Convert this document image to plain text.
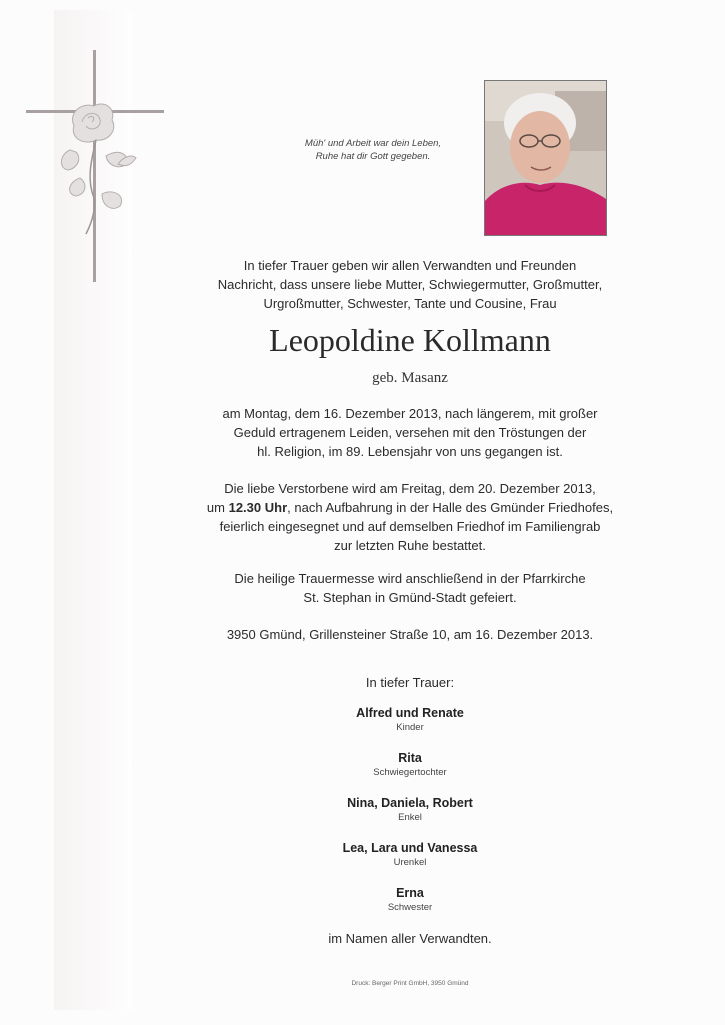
Müh' und Arbeit war dein Leben,
Ruhe hat dir Gott gegeben.
In tiefer Trauer geben wir allen Verwandten und Freunden
Nachricht, dass unsere liebe Mutter, Schwiegermutter, Großmutter,
Urgroßmutter, Schwester, Tante und Cousine, Frau
Leopoldine Kollmann
geb. Masanz
am Montag, dem 16. Dezember 2013, nach längerem, mit großer
Geduld ertragenem Leiden, versehen mit den Tröstungen der
hl. Religion, im 89. Lebensjahr von uns gegangen ist.
Die liebe Verstorbene wird am Freitag, dem 20. Dezember 2013,
um 12.30 Uhr, nach Aufbahrung in der Halle des Gmünder Friedhofes,
feierlich eingesegnet und auf demselben Friedhof im Familiengrab
zur letzten Ruhe bestattet.
Die heilige Trauermesse wird anschließend in der Pfarrkirche
St. Stephan in Gmünd-Stadt gefeiert.
3950 Gmünd, Grillensteiner Straße 10, am 16. Dezember 2013.
In tiefer Trauer:
Alfred und Renate
Kinder
Rita
Schwiegertochter
Nina, Daniela, Robert
Enkel
Lea, Lara und Vanessa
Urenkel
Erna
Schwester
im Namen aller Verwandten.
Druck: Berger Print GmbH, 3950 Gmünd
